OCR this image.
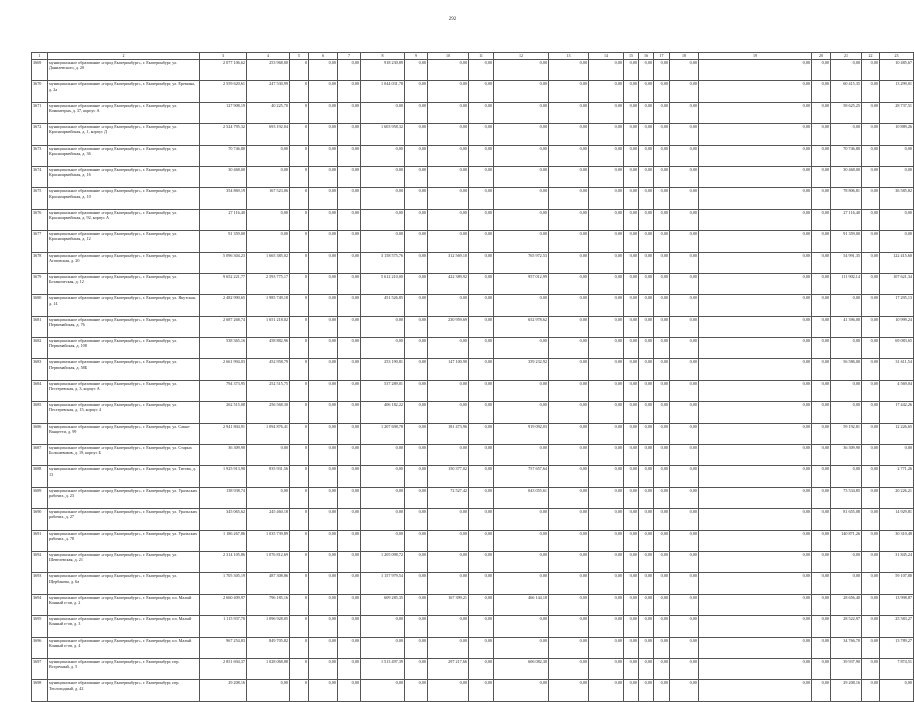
292
1	2	3	4	5	6	7	8	9	10	11	12	13	14	15	16	17	18	19	20	21	22	23
3669	муниципальное образование «город Екатеринбург», г. Екатеринбург, ул. Данилевского, д. 20	2 077 106,62	253 968,00	0	0,00	0,00	918 230,89	0,00	0,00	0,00	0,00	0,00	0,00	0,00	0,00	0,00	0,00	0,00	0,00	0,00	0,00	10 485,67
3670	муниципальное образование «город Екатеринбург», г. Екатеринбург, ул. Еремина, д. 2а	2 559 620,61	247 530,99	0	0,00	0,00	1 044 031,78	0,00	0,00	0,00	0,00	0,00	0,00	0,00	0,00	0,00	0,00	0,00	0,00	60 415,35	0,00	13 299,01
3671	муниципальное образование «город Екатеринбург», г. Екатеринбург, ул. Коминтерна, д. 37, корпус А	127 908,19	40 225,70	0	0,00	0,00	0,00	0,00	0,00	0,00	0,00	0,00	0,00	0,00	0,00	0,00	0,00	0,00	0,00	58 625,25	0,00	28 737,51
3672	муниципальное образование «город Екатеринбург», г. Екатеринбург, ул. Красноармейская, д. 1, корпус Д	2 524 795,32	693 192,04	0	0,00	0,00	1 603 958,32	0,00	0,00	0,00	0,00	0,00	0,00	0,00	0,00	0,00	0,00	0,00	0,00	0,00	0,00	10 889,26
3673	муниципальное образование «город Екатеринбург», г. Екатеринбург, ул. Красноармейская, д. 36	70 746,80	0,00	0	0,00	0,00	0,00	0,00	0,00	0,00	0,00	0,00	0,00	0,00	0,00	0,00	0,00	0,00	0,00	70 746,80	0,00	0,00
3674	муниципальное образование «город Екатеринбург», г. Екатеринбург, ул. Красноармейская, д. 16	30 468,00	0,00	0	0,00	0,00	0,00	0,00	0,00	0,00	0,00	0,00	0,00	0,00	0,00	0,00	0,00	0,00	0,00	30 468,00	0,00	0,00
3675	муниципальное образование «город Екатеринбург», г. Екатеринбург, ул. Красноармейская, д. 10	354 869,19	167 523,06	0	0,00	0,00	0,00	0,00	0,00	0,00	0,00	0,00	0,00	0,00	0,00	0,00	0,00	0,00	0,00	78 806,81	0,00	36 585,82
3676	муниципальное образование «город Екатеринбург», г. Екатеринбург, ул. Красноармейская, д. 92, корпус А	27 116,40	0,00	0	0,00	0,00	0,00	0,00	0,00	0,00	0,00	0,00	0,00	0,00	0,00	0,00	0,00	0,00	0,00	27 116,40	0,00	0,00
3677	муниципальное образование «город Екатеринбург», г. Екатеринбург, ул. Красноармейская, д. 12	91 359,00	0,00	0	0,00	0,00	0,00	0,00	0,00	0,00	0,00	0,00	0,00	0,00	0,00	0,00	0,00	0,00	0,00	91 359,00	0,00	0,00
3678	муниципальное образование «город Екатеринбург», г. Екатеринбург, ул. Агатовская, д. 20	5 096 304,23	1 665 385,02	0	0,00	0,00	3 158 575,76	0,00	312 569,10	0,00	765 972,53	0,00	0,00	0,00	0,00	0,00	0,00	0,00	0,00	54 991,35	0,00	122 415,60
3679	муниципальное образование «город Екатеринбург», г. Екатеринбург, ул. Ботаническая, д. 12	9 652 221,77	2 593 775,17	0	0,00	0,00	5 612 210,00	0,00	422 389,92	0,00	957 012,99	0,00	0,00	0,00	0,00	0,00	0,00	0,00	0,00	111 902,14	0,00	107 621,34
3680	муниципальное образование «город Екатеринбург», г. Екатеринбург, ул. Якутская, д. 14	2 482 990,65	1 985 749,18	0	0,00	0,00	451 526,85	0,00	0,00	0,00	0,00	0,00	0,00	0,00	0,00	0,00	0,00	0,00	0,00	0,00	0,00	17 295,13
3681	муниципальное образование «город Екатеринбург», г. Екатеринбург, ул. Первомайская, д. 76	2 687 268,74	1 651 218,02	0	0,00	0,00	0,00	0,00	230 959,69	0,00	652 978,62	0,00	0,00	0,00	0,00	0,00	0,00	0,00	0,00	41 396,00	0,00	10 999,24
3682	муниципальное образование «город Екатеринбург», г. Екатеринбург, ул. Первомайская, д. 108	538 365,16	458 882,96	0	0,00	0,00	0,00	0,00	0,00	0,00	0,00	0,00	0,00	0,00	0,00	0,00	0,00	0,00	0,00	0,00	0,00	69 083,65
3683	муниципальное образование «город Екатеринбург», г. Екатеринбург, ул. Первомайская, д. 58Б	2 661 994,03	452 958,79	0	0,00	0,00	253 190,81	0,00	147 100,90	0,00	359 232,92	0,00	0,00	0,00	0,00	0,00	0,00	0,00	0,00	56 586,00	0,00	31 611,54
3684	муниципальное образование «город Екатеринбург», г. Екатеринбург, ул. Пестеревская, д. 3, корпус А	794 373,95	252 515,75	0	0,00	0,00	537 289,01	0,00	0,00	0,00	0,00	0,00	0,00	0,00	0,00	0,00	0,00	0,00	0,00	0,00	0,00	4 569,04
3685	муниципальное образование «город Екатеринбург», г. Екатеринбург, ул. Пестеревская, д. 15, корпус 4	262 515,08	256 568,30	0	0,00	0,00	406 182,22	0,00	0,00	0,00	0,00	0,00	0,00	0,00	0,00	0,00	0,00	0,00	0,00	0,00	0,00	17 442,26
3686	муниципальное образование «город Екатеринбург», г. Екатеринбург, ул. Сакко-Ванцетти, д. 99	2 941 804,91	1 094 876,41	0	0,00	0,00	1 207 698,78	0,00	181 473,96	0,00	919 092,03	0,00	0,00	0,00	0,00	0,00	0,00	0,00	0,00	59 192,81	0,00	12 226,65
3687	муниципальное образование «город Екатеринбург», г. Екатеринбург, ул. Старых Большевиков, д. 19, корпус Б	36 309,90	0,00	0	0,00	0,00	0,00	0,00	0,00	0,00	0,00	0,00	0,00	0,00	0,00	0,00	0,00	0,00	0,00	36 309,90	0,00	0,00
3688	муниципальное образование «город Екатеринбург», г. Екатеринбург, ул. Титова, д. 13	1 925 913,90	835 931,56	0	0,00	0,00	0,00	0,00	150 377,02	0,00	757 657,64	0,00	0,00	0,00	0,00	0,00	0,00	0,00	0,00	0,00	0,00	2 771,26
3689	муниципальное образование «город Екатеринбург», г. Екатеринбург, ул. Уральских рабочих, д. 23	138 938,74	0,00	0	0,00	0,00	0,00	0,00	72 527,42	0,00	043 055,61	0,00	0,00	0,00	0,00	0,00	0,00	0,00	0,00	73 534,85	0,00	20 226,21
3690	муниципальное образование «город Екатеринбург», г. Екатеринбург, ул. Уральских рабочих, д. 27	345 065,62	245 460,18	0	0,00	0,00	0,00	0,00	0,00	0,00	0,00	0,00	0,00	0,00	0,00	0,00	0,00	0,00	0,00	81 655,08	0,00	14 929,81
3691	муниципальное образование «город Екатеринбург», г. Екатеринбург, ул. Уральских рабочих, д. 78	1 186 267,86	1 035 739,89	0	0,00	0,00	0,00	0,00	0,00	0,00	0,00	0,00	0,00	0,00	0,00	0,00	0,00	0,00	0,00	140 871,26	0,00	30 310,48
3692	муниципальное образование «город Екатеринбург», г. Екатеринбург, ул. Шевелевская, д. 21	2 314 105,86	1 076 812,69	0	0,00	0,00	1 205 098,72	0,00	0,00	0,00	0,00	0,00	0,00	0,00	0,00	0,00	0,00	0,00	0,00	0,00	0,00	31 845,24
3693	муниципальное образование «город Екатеринбург», г. Екатеринбург, ул. Щербакова, д. 6а	1 705 305,19	487 308,86	0	0,00	0,00	1 157 979,54	0,00	0,00	0,00	0,00	0,00	0,00	0,00	0,00	0,00	0,00	0,00	0,00	0,00	0,00	59 107,80
3694	муниципальное образование «город Екатеринбург», г. Екатеринбург, пл. Малый Конный п-ов, д. 2	2 660 409,97	796 185,16	0	0,00	0,00	609 285,35	0,00	167 399,21	0,00	466 144,18	0,00	0,00	0,00	0,00	0,00	0,00	0,00	0,00	28 656,40	0,00	13 998,87
3695	муниципальное образование «город Екатеринбург», г. Екатеринбург, пл. Малый Конный п-ов, д. 3	1 115 937,70	1 096 928,05	0	0,00	0,00	0,00	0,00	0,00	0,00	0,00	0,00	0,00	0,00	0,00	0,00	0,00	0,00	0,00	28 522,97	0,00	25 583,27
3696	муниципальное образование «город Екатеринбург», г. Екатеринбург, пл. Малый Конный п-ов, д. 4	967 254,83	849 705,82	0	0,00	0,00	0,00	0,00	0,00	0,00	0,00	0,00	0,00	0,00	0,00	0,00	0,00	0,00	0,00	34 766,70	0,00	13 789,27
3697	муниципальное образование «город Екатеринбург», г. Екатеринбург, пер. Встречный, д. 5	2 851 694,37	1 028 068,88	0	0,00	0,00	1 513 497,39	0,00	297 217,66	0,00	606 082,30	0,00	0,00	0,00	0,00	0,00	0,00	0,00	0,00	39 937,90	0,00	7 874,51
3698	муниципальное образование «город Екатеринбург», г. Екатеринбург, пер. Теплоходный, д. 42	29 208,16	0,00	0	0,00	0,00	0,00	0,00	0,00	0,00	0,00	0,00	0,00	0,00	0,00	0,00	0,00	0,00	0,00	29 208,16	0,00	0,00
